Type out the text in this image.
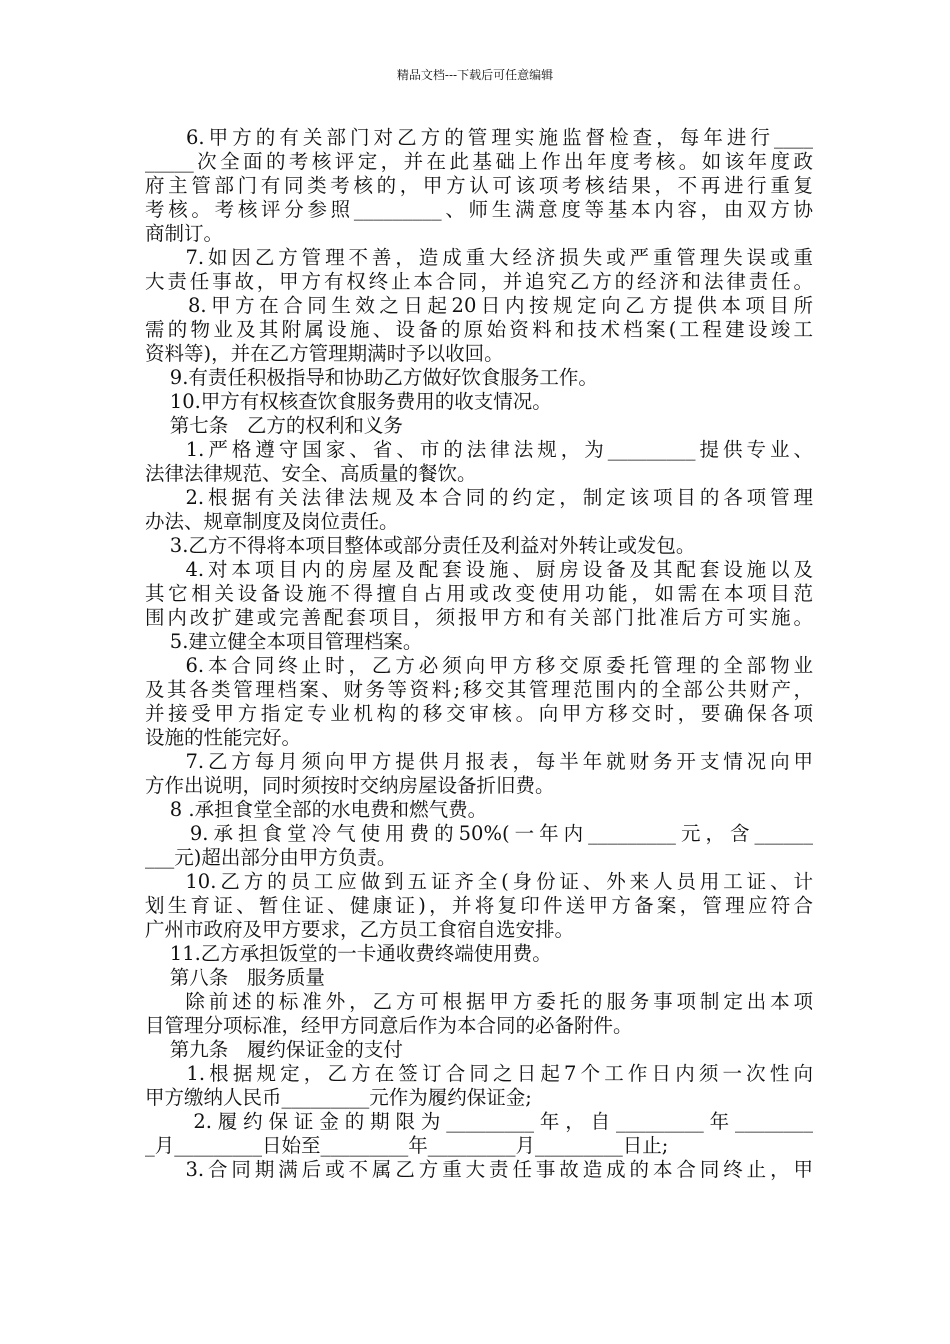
精品文档---下载后可任意编辑
6.甲方的有关部门对乙方的管理实施监督检查，每年进行____
_____次全面的考核评定，并在此基础上作出年度考核。如该年度政
府主管部门有同类考核的，甲方认可该项考核结果，不再进行重复
考核。考核评分参照_________、师生满意度等基本内容，由双方协
商制订。
7.如因乙方管理不善，造成重大经济损失或严重管理失误或重
大责任事故，甲方有权终止本合同，并追究乙方的经济和法律责任。
8.甲方在合同生效之日起20日内按规定向乙方提供本项目所
需的物业及其附属设施、设备的原始资料和技术档案(工程建设竣工
资料等)，并在乙方管理期满时予以收回。
9.有责任积极指导和协助乙方做好饮食服务工作。
10.甲方有权核查饮食服务费用的收支情况。
第七条   乙方的权利和义务
1.严格遵守国家、省、市的法律法规，为_________提供专业、
法律法律规范、安全、高质量的餐饮。
2.根据有关法律法规及本合同的约定，制定该项目的各项管理
办法、规章制度及岗位责任。
3.乙方不得将本项目整体或部分责任及利益对外转让或发包。
4.对本项目内的房屋及配套设施、厨房设备及其配套设施以及
其它相关设备设施不得擅自占用或改变使用功能，如需在本项目范
围内改扩建或完善配套项目，须报甲方和有关部门批准后方可实施。
5.建立健全本项目管理档案。
6.本合同终止时，乙方必须向甲方移交原委托管理的全部物业
及其各类管理档案、财务等资料;移交其管理范围内的全部公共财产，
并接受甲方指定专业机构的移交审核。向甲方移交时，要确保各项
设施的性能完好。
7.乙方每月须向甲方提供月报表，每半年就财务开支情况向甲
方作出说明，同时须按时交纳房屋设备折旧费。
8 .承担食堂全部的水电费和燃气费。
9.承担食堂冷气使用费的50%(一年内_________元，含______
___元)超出部分由甲方负责。
10.乙方的员工应做到五证齐全(身份证、外来人员用工证、计
划生育证、暂住证、健康证)，并将复印件送甲方备案，管理应符合
广州市政府及甲方要求，乙方员工食宿自选安排。
11.乙方承担饭堂的一卡通收费终端使用费。
第八条   服务质量
除前述的标准外，乙方可根据甲方委托的服务事项制定出本项
目管理分项标准，经甲方同意后作为本合同的必备附件。
第九条   履约保证金的支付
1.根据规定，乙方在签订合同之日起7个工作日内须一次性向
甲方缴纳人民币_________元作为履约保证金;
2.履约保证金的期限为_________年，自_________年________
_月_________日始至_________年_________月_________日止;
3.合同期满后或不属乙方重大责任事故造成的本合同终止，甲
